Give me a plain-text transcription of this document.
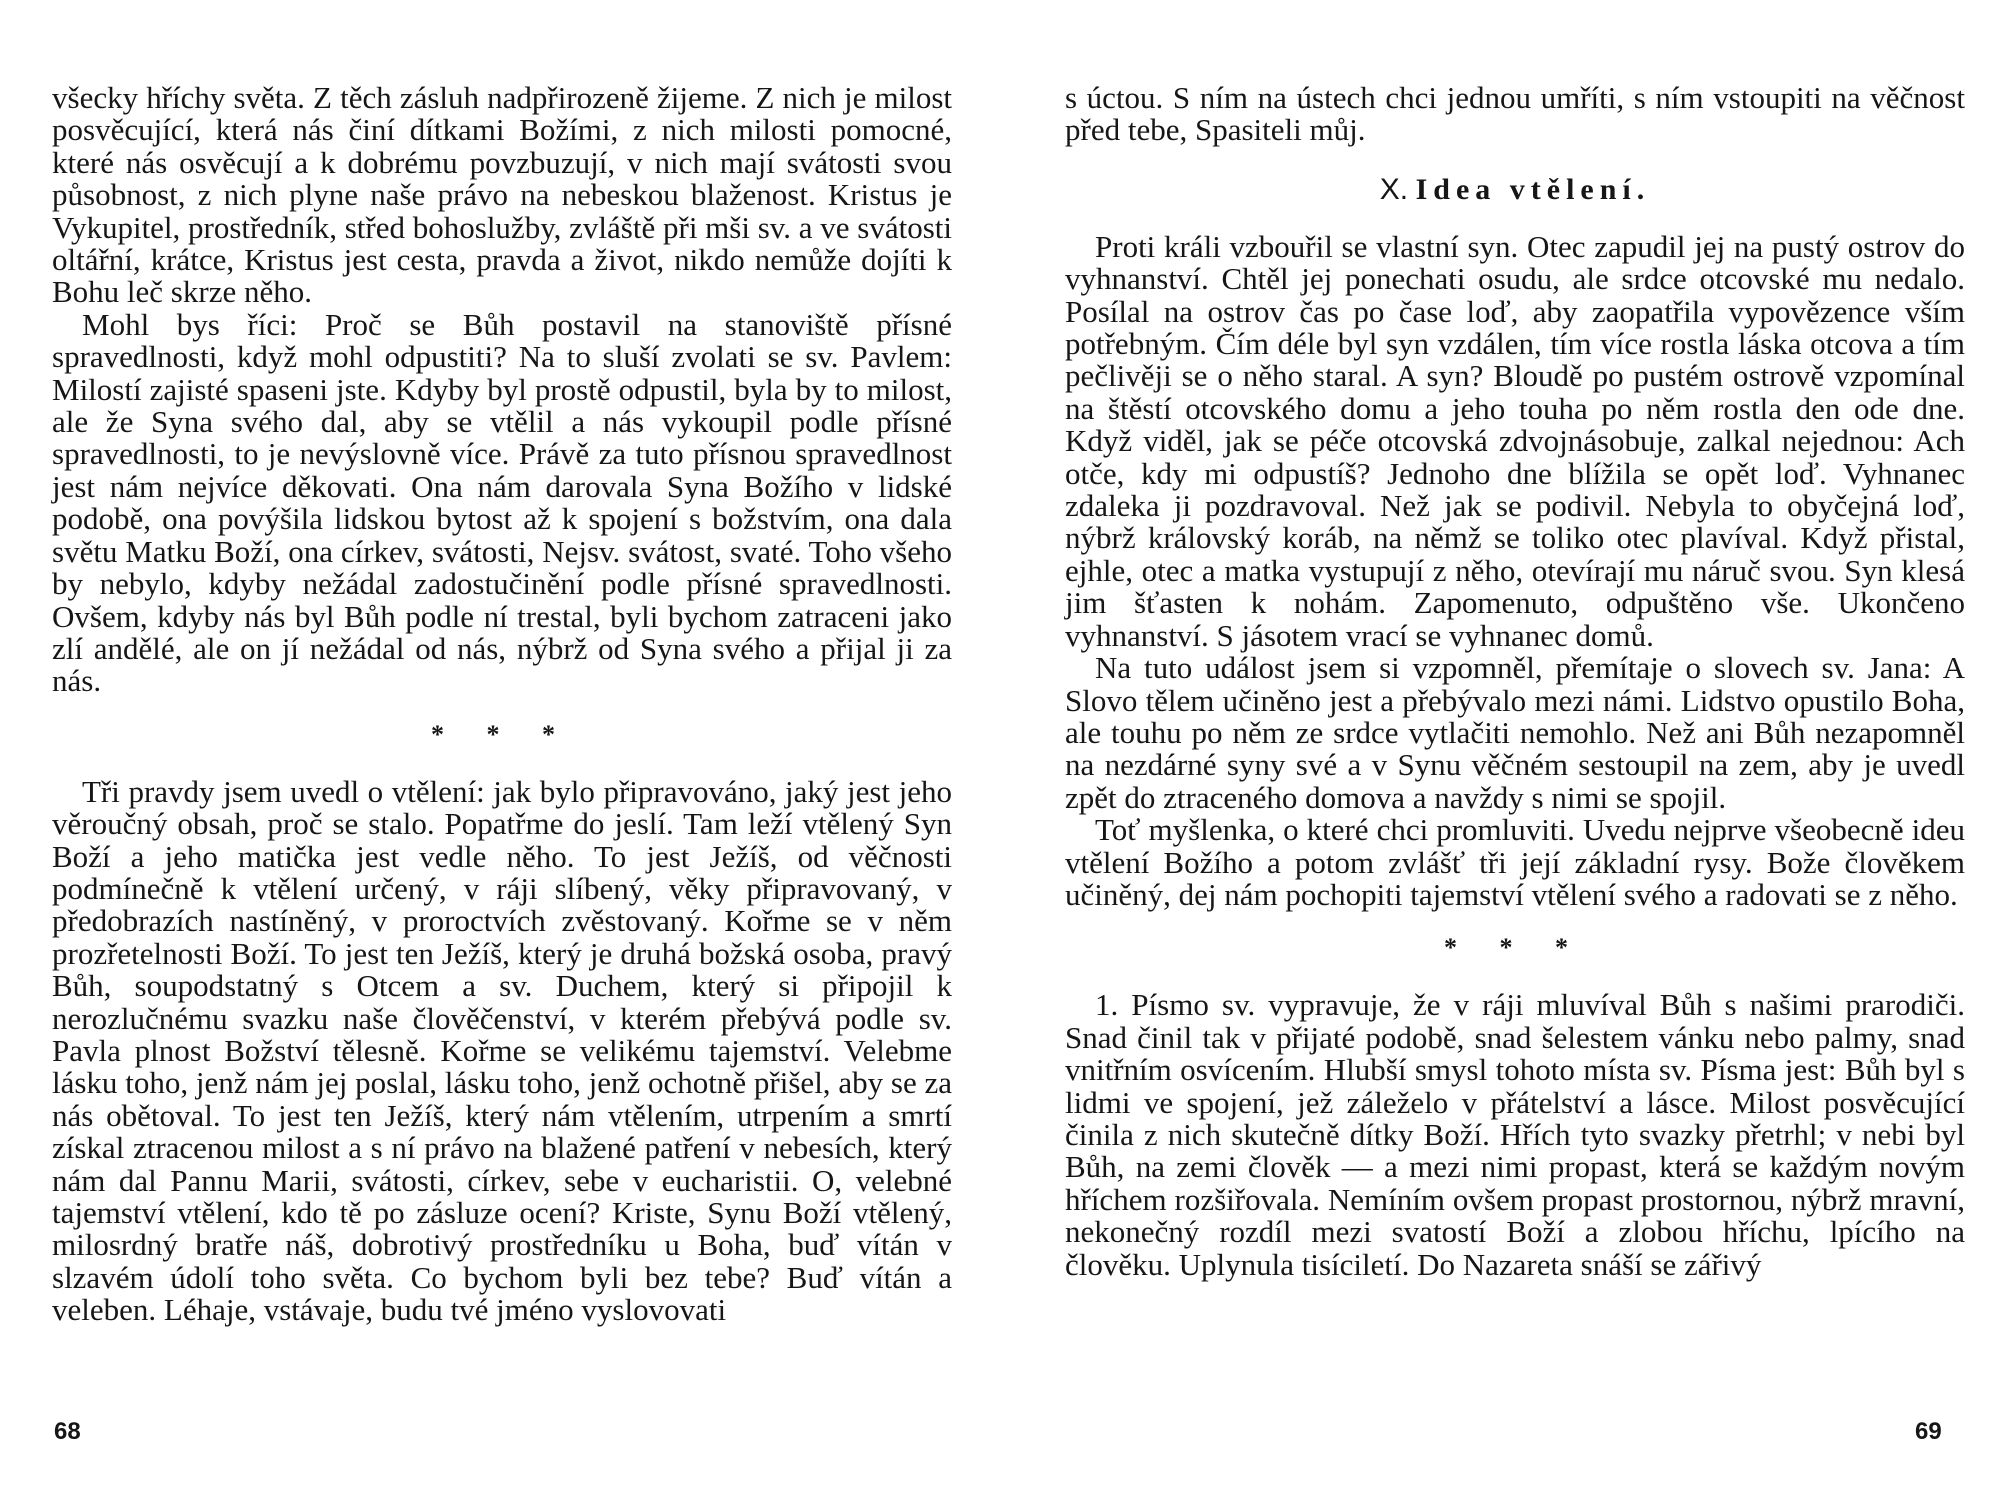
všecky hříchy světa. Z těch zásluh nadpřirozeně žijeme. Z nich je milost posvěcující, která nás činí dítkami Božími, z nich milosti pomocné, které nás osvěcují a k dobrému povzbuzují, v nich mají svátosti svou působnost, z nich plyne naše právo na nebeskou blaženost. Kristus je Vykupitel, prostředník, střed bohoslužby, zvláště při mši sv. a ve svátosti oltářní, krátce, Kristus jest cesta, pravda a život, nikdo nemůže dojíti k Bohu leč skrze něho.

Mohl bys říci: Proč se Bůh postavil na stanoviště přísné spravedlnosti, když mohl odpustiti? Na to sluší zvolati se sv. Pavlem: Milostí zajisté spaseni jste. Kdyby byl prostě odpustil, byla by to milost, ale že Syna svého dal, aby se vtělil a nás vykoupil podle přísné spravedlnosti, to je nevýslovně více. Právě za tuto přísnou spravedlnost jest nám nejvíce děkovati. Ona nám darovala Syna Božího v lidské podobě, ona povýšila lidskou bytost až k spojení s božstvím, ona dala světu Matku Boží, ona církev, svátosti, Nejsv. svátost, svaté. Toho všeho by nebylo, kdyby nežádal zadostučinění podle přísné spravedlnosti. Ovšem, kdyby nás byl Bůh podle ní trestal, byli bychom zatraceni jako zlí andělé, ale on jí nežádal od nás, nýbrž od Syna svého a přijal ji za nás.

* * *

Tři pravdy jsem uvedl o vtělení: jak bylo připravováno, jaký jest jeho věroučný obsah, proč se stalo. Popatřme do jeslí. Tam leží vtělený Syn Boží a jeho matička jest vedle něho. To jest Ježíš, od věčnosti podmínečně k vtělení určený, v ráji slíbený, věky připravovaný, v předobrazích nastíněný, v proroctvích zvěstovaný. Kořme se v něm prozřetelnosti Boží. To jest ten Ježíš, který je druhá božská osoba, pravý Bůh, soupodstatný s Otcem a sv. Duchem, který si připojil k nerozlučnému svazku naše člověčenství, v kterém přebývá podle sv. Pavla plnost Božství tělesně. Kořme se velikému tajemství. Velebme lásku toho, jenž nám jej poslal, lásku toho, jenž ochotně přišel, aby se za nás obětoval. To jest ten Ježíš, který nám vtělením, utrpením a smrtí získal ztracenou milost a s ní právo na blažené patření v nebesích, který nám dal Pannu Marii, svátosti, církev, sebe v eucharistii. O, velebné tajemství vtělení, kdo tě po zásluze ocení? Kriste, Synu Boží vtělený, milosrdný bratře náš, dobrotivý prostředníku u Boha, buď vítán v slzavém údolí toho světa. Co bychom byli bez tebe? Buď vítán a veleben. Léhaje, vstávaje, budu tvé jméno vyslovovati

s úctou. S ním na ústech chci jednou umříti, s ním vstoupiti na věčnost před tebe, Spasiteli můj.

X. Idea vtělení.

Proti králi vzbouřil se vlastní syn. Otec zapudil jej na pustý ostrov do vyhnanství. Chtěl jej ponechati osudu, ale srdce otcovské mu nedalo. Posílal na ostrov čas po čase loď, aby zaopatřila vypovězence vším potřebným. Čím déle byl syn vzdálen, tím více rostla láska otcova a tím pečlivěji se o něho staral. A syn? Bloudě po pustém ostrově vzpomínal na štěstí otcovského domu a jeho touha po něm rostla den ode dne. Když viděl, jak se péče otcovská zdvojnásobuje, zalkal nejednou: Ach otče, kdy mi odpustíš? Jednoho dne blížila se opět loď. Vyhnanec zdaleka ji pozdravoval. Než jak se podivil. Nebyla to obyčejná loď, nýbrž královský koráb, na němž se toliko otec plavíval. Když přistal, ejhle, otec a matka vystupují z něho, otevírají mu náruč svou. Syn klesá jim šťasten k nohám. Zapomenuto, odpuštěno vše. Ukončeno vyhnanství. S jásotem vrací se vyhnanec domů.

Na tuto událost jsem si vzpomněl, přemítaje o slovech sv. Jana: A Slovo tělem učiněno jest a přebývalo mezi námi. Lidstvo opustilo Boha, ale touhu po něm ze srdce vytlačiti nemohlo. Než ani Bůh nezapomněl na nezdárné syny své a v Synu věčném sestoupil na zem, aby je uvedl zpět do ztraceného domova a navždy s nimi se spojil.

Toť myšlenka, o které chci promluviti. Uvedu nejprve všeobecně ideu vtělení Božího a potom zvlášť tři její základní rysy. Bože člověkem učiněný, dej nám pochopiti tajemství vtělení svého a radovati se z něho.

* * *

1. Písmo sv. vypravuje, že v ráji mluvíval Bůh s našimi prarodiči. Snad činil tak v přijaté podobě, snad šelestem vánku nebo palmy, snad vnitřním osvícením. Hlubší smysl tohoto místa sv. Písma jest: Bůh byl s lidmi ve spojení, jež záleželo v přátelství a lásce. Milost posvěcující činila z nich skutečně dítky Boží. Hřích tyto svazky přetrhl; v nebi byl Bůh, na zemi člověk — a mezi nimi propast, která se každým novým hříchem rozšiřovala. Nemíním ovšem propast prostornou, nýbrž mravní, nekonečný rozdíl mezi svatostí Boží a zlobou hříchu, lpícího na člověku. Uplynula tisíciletí. Do Nazareta snáší se zářivý

68	69
